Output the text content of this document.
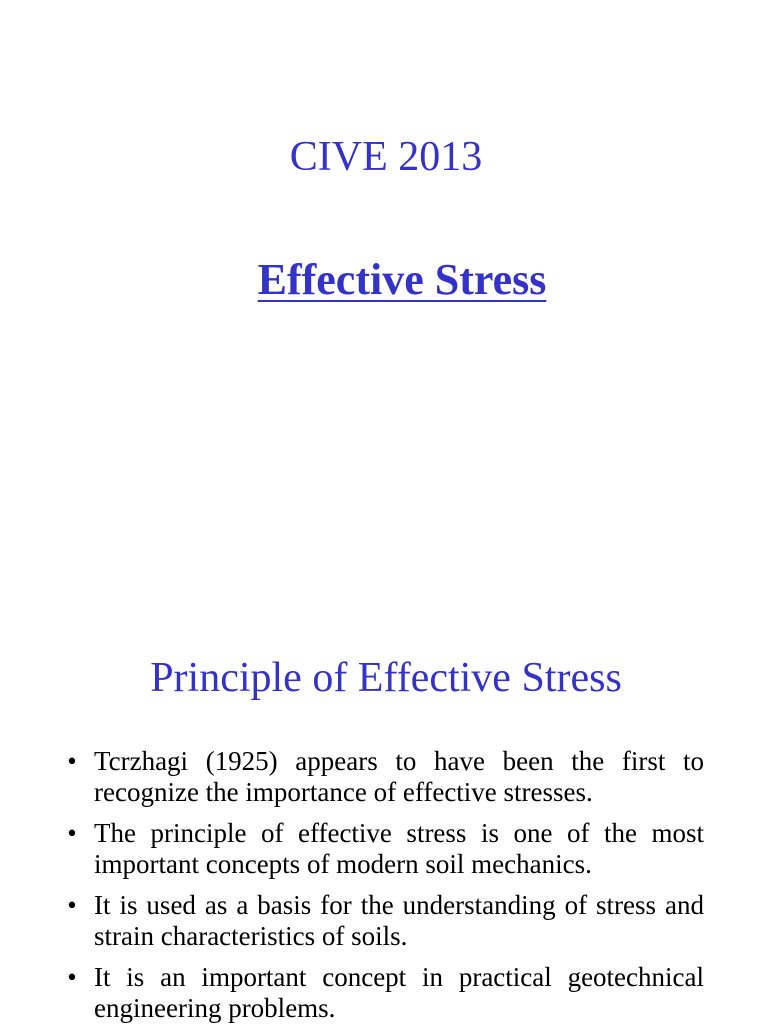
CIVE 2013
Effective Stress
Principle of Effective Stress
• Tcrzhagi (1925) appears to have been the first to recognize the importance of effective stresses.
• The principle of effective stress is one of the most important concepts of modern soil mechanics.
• It is used as a basis for the understanding of stress and strain characteristics of soils.
• It is an important concept in practical geotechnical engineering problems.
